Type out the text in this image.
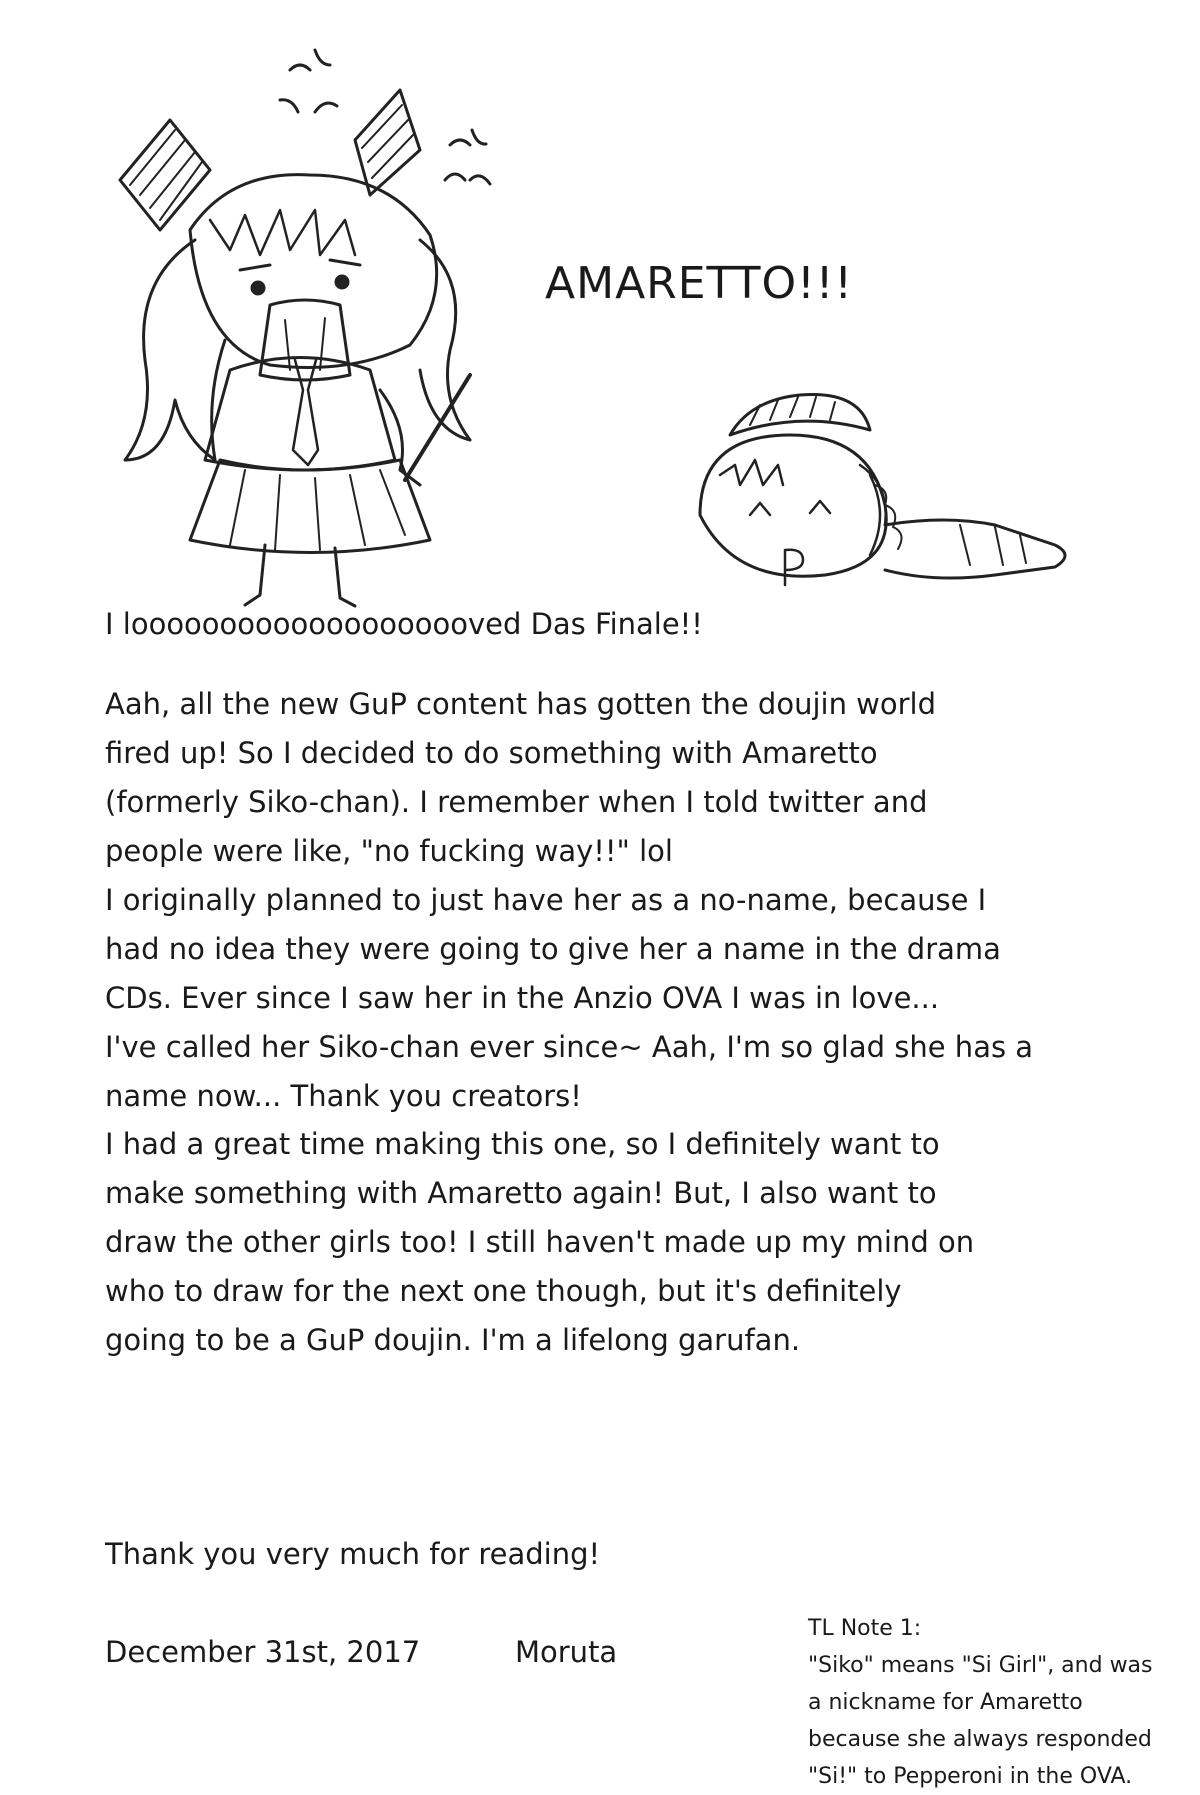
AMARETTO!!!
I loooooooooooooooooooved Das Finale!!
Aah, all the new GuP content has gotten the doujin world
fired up! So I decided to do something with Amaretto
(formerly Siko-chan). I remember when I told twitter and
people were like, "no fucking way!!" lol
I originally planned to just have her as a no-name, because I
had no idea they were going to give her a name in the drama
CDs. Ever since I saw her in the Anzio OVA I was in love...
I've called her Siko-chan ever since~ Aah, I'm so glad she has a
name now... Thank you creators!
I had a great time making this one, so I definitely want to
make something with Amaretto again! But, I also want to
draw the other girls too! I still haven't made up my mind on
who to draw for the next one though, but it's definitely
going to be a GuP doujin. I'm a lifelong garufan.
Thank you very much for reading!
December 31st, 2017	Moruta
TL Note 1:
"Siko" means "Si Girl", and was
a nickname for Amaretto
because she always responded
"Si!" to Pepperoni in the OVA.
